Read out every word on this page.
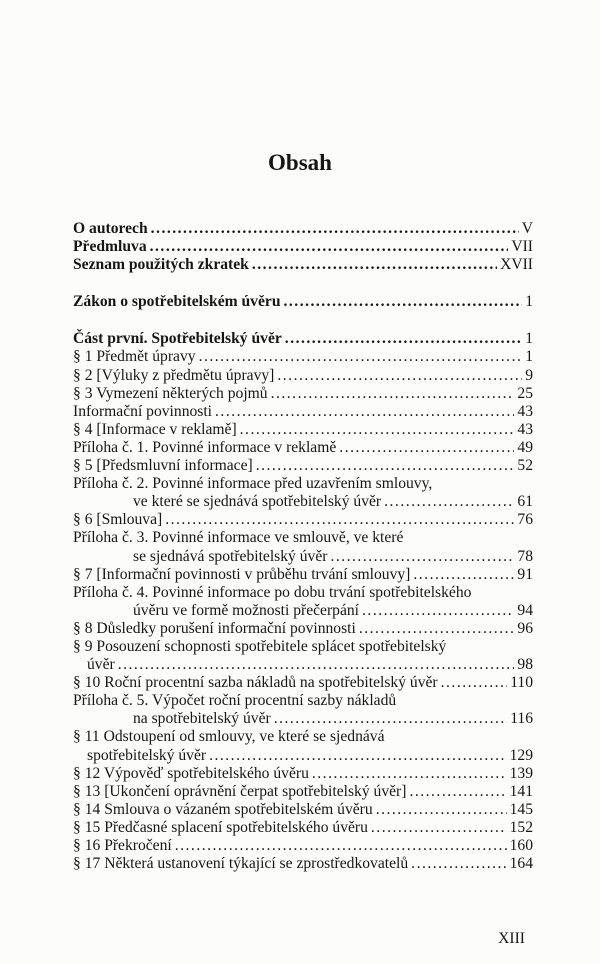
Obsah
O autorech . . .	V
Předmluva . . .	VII
Seznam použitých zkratek . . .	XVII
Zákon o spotřebitelském úvěru . . .	1
Část první. Spotřebitelský úvěr . . .	1
§ 1 Předmět úpravy . . .	1
§ 2 [Výluky z předmětu úpravy] . . .	9
§ 3 Vymezení některých pojmů . . .	25
Informační povinnosti . . .	43
§ 4 [Informace v reklamě] . . .	43
Příloha č. 1. Povinné informace v reklamě . . .	49
§ 5 [Předsmluvní informace] . . .	52
Příloha č. 2. Povinné informace před uzavřením smlouvy,
ve které se sjednává spotřebitelský úvěr . . .	61
§ 6 [Smlouva] . . .	76
Příloha č. 3. Povinné informace ve smlouvě, ve které
se sjednává spotřebitelský úvěr . . .	78
§ 7 [Informační povinnosti v průběhu trvání smlouvy] . . .	91
Příloha č. 4. Povinné informace po dobu trvání spotřebitelského
úvěru ve formě možnosti přečerpání . . .	94
§ 8 Důsledky porušení informační povinnosti . . .	96
§ 9 Posouzení schopnosti spotřebitele splácet spotřebitelský
úvěr . . .	98
§ 10 Roční procentní sazba nákladů na spotřebitelský úvěr . . .	110
Příloha č. 5. Výpočet roční procentní sazby nákladů
na spotřebitelský úvěr . . .	116
§ 11 Odstoupení od smlouvy, ve které se sjednává
spotřebitelský úvěr . . .	129
§ 12 Výpověď spotřebitelského úvěru . . .	139
§ 13 [Ukončení oprávnění čerpat spotřebitelský úvěr] . . .	141
§ 14 Smlouva o vázaném spotřebitelském úvěru . . .	145
§ 15 Předčasné splacení spotřebitelského úvěru . . .	152
§ 16 Překročení . . .	160
§ 17 Některá ustanovení týkající se zprostředkovatelů . . .	164
XIII
